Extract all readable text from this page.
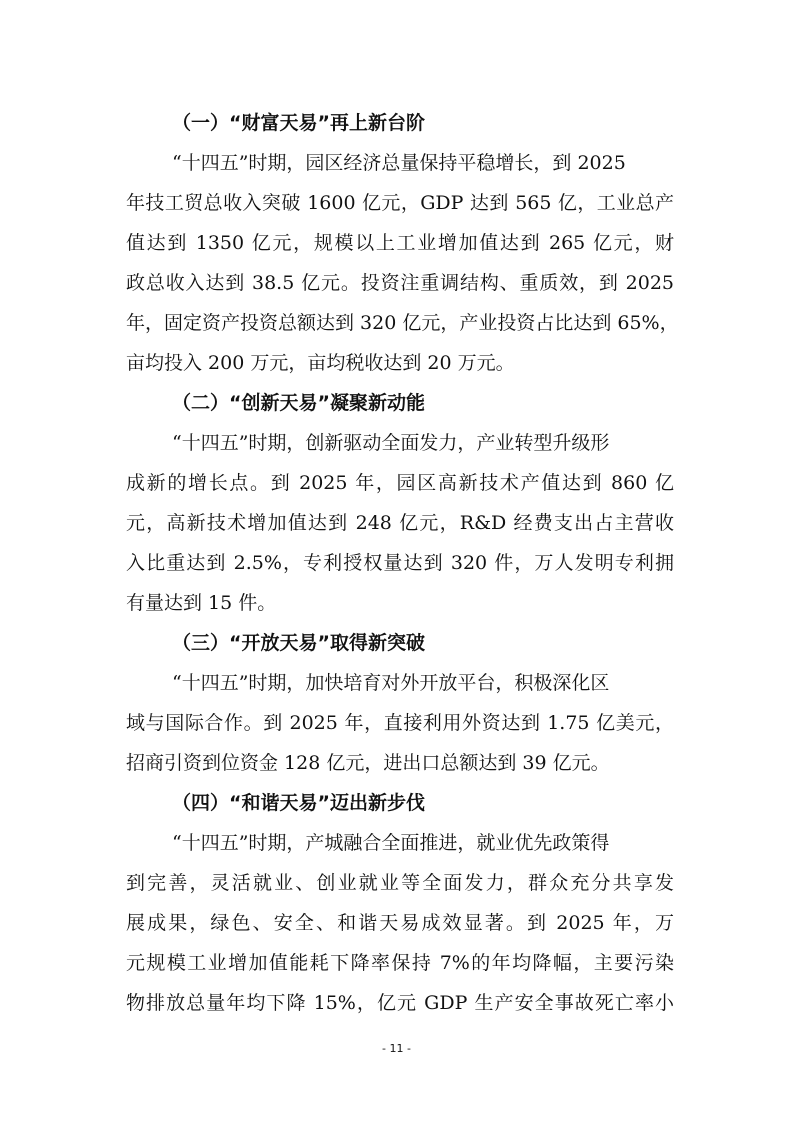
（一）“财富天易”再上新台阶
“十四五”时期，园区经济总量保持平稳增长，到 2025
年技工贸总收入突破 1600 亿元，GDP 达到 565 亿，工业总产
值达到 1350 亿元，规模以上工业增加值达到 265 亿元，财
政总收入达到 38.5 亿元。投资注重调结构、重质效，到 2025
年，固定资产投资总额达到 320 亿元，产业投资占比达到 65%，
亩均投入 200 万元，亩均税收达到 20 万元。
（二）“创新天易”凝聚新动能
“十四五”时期，创新驱动全面发力，产业转型升级形
成新的增长点。到 2025 年，园区高新技术产值达到 860 亿
元，高新技术增加值达到 248 亿元，R&D 经费支出占主营收
入比重达到 2.5%，专利授权量达到 320 件，万人发明专利拥
有量达到 15 件。
（三）“开放天易”取得新突破
“十四五”时期，加快培育对外开放平台，积极深化区
域与国际合作。到 2025 年，直接利用外资达到 1.75 亿美元，
招商引资到位资金 128 亿元，进出口总额达到 39 亿元。
（四）“和谐天易”迈出新步伐
“十四五”时期，产城融合全面推进，就业优先政策得
到完善，灵活就业、创业就业等全面发力，群众充分共享发
展成果，绿色、安全、和谐天易成效显著。到 2025 年，万
元规模工业增加值能耗下降率保持 7%的年均降幅，主要污染
物排放总量年均下降 15%，亿元 GDP 生产安全事故死亡率小
- 11 -
